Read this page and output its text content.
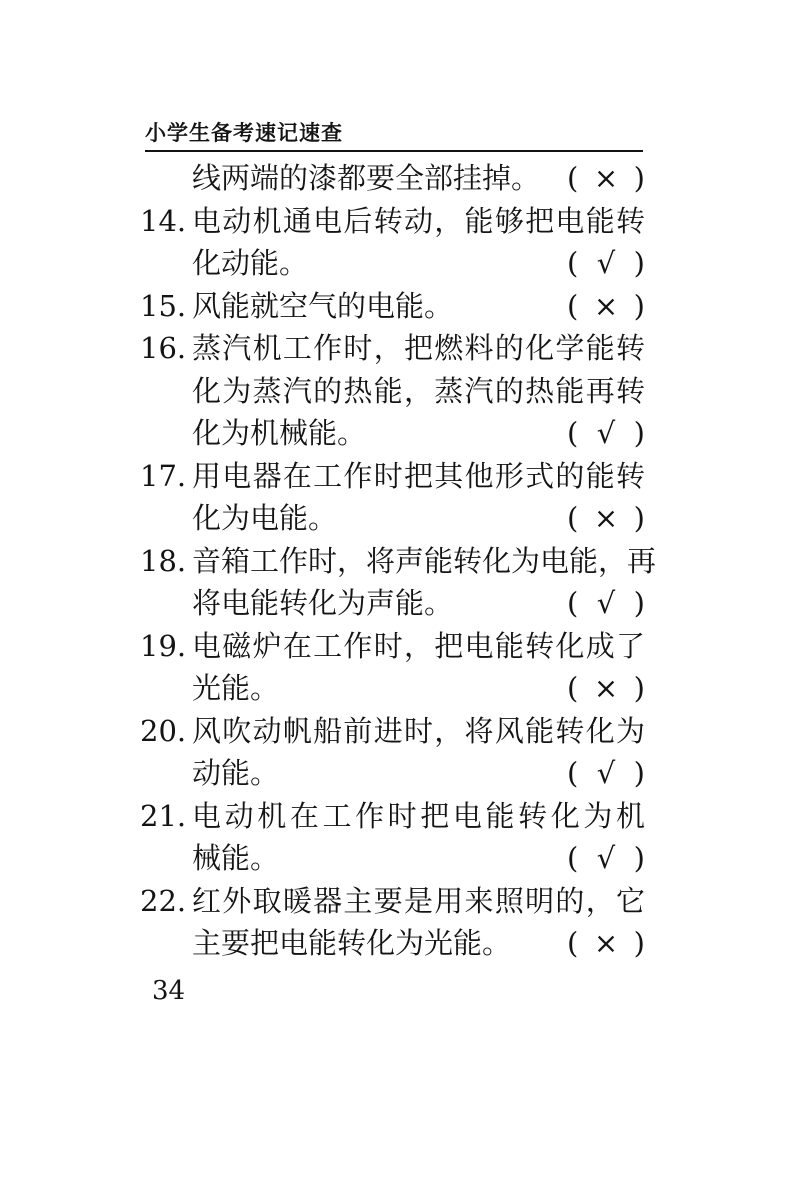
小学生备考速记速查
线两端的漆都要全部挂掉。 ( × )
14. 电动机通电后转动，能够把电能转
化动能。	( √ )
15. 风能就空气的电能。	( × )
16. 蒸汽机工作时，把燃料的化学能转
化为蒸汽的热能，蒸汽的热能再转
化为机械能。	( √ )
17. 用电器在工作时把其他形式的能转
化为电能。	( × )
18. 音箱工作时，将声能转化为电能，再
将电能转化为声能。	( √ )
19. 电磁炉在工作时，把电能转化成了
光能。	( × )
20. 风吹动帆船前进时，将风能转化为
动能。	( √ )
21. 电动机在工作时把电能转化为机
械能。	( √ )
22. 红外取暖器主要是用来照明的，它
主要把电能转化为光能。 ( × )
34
